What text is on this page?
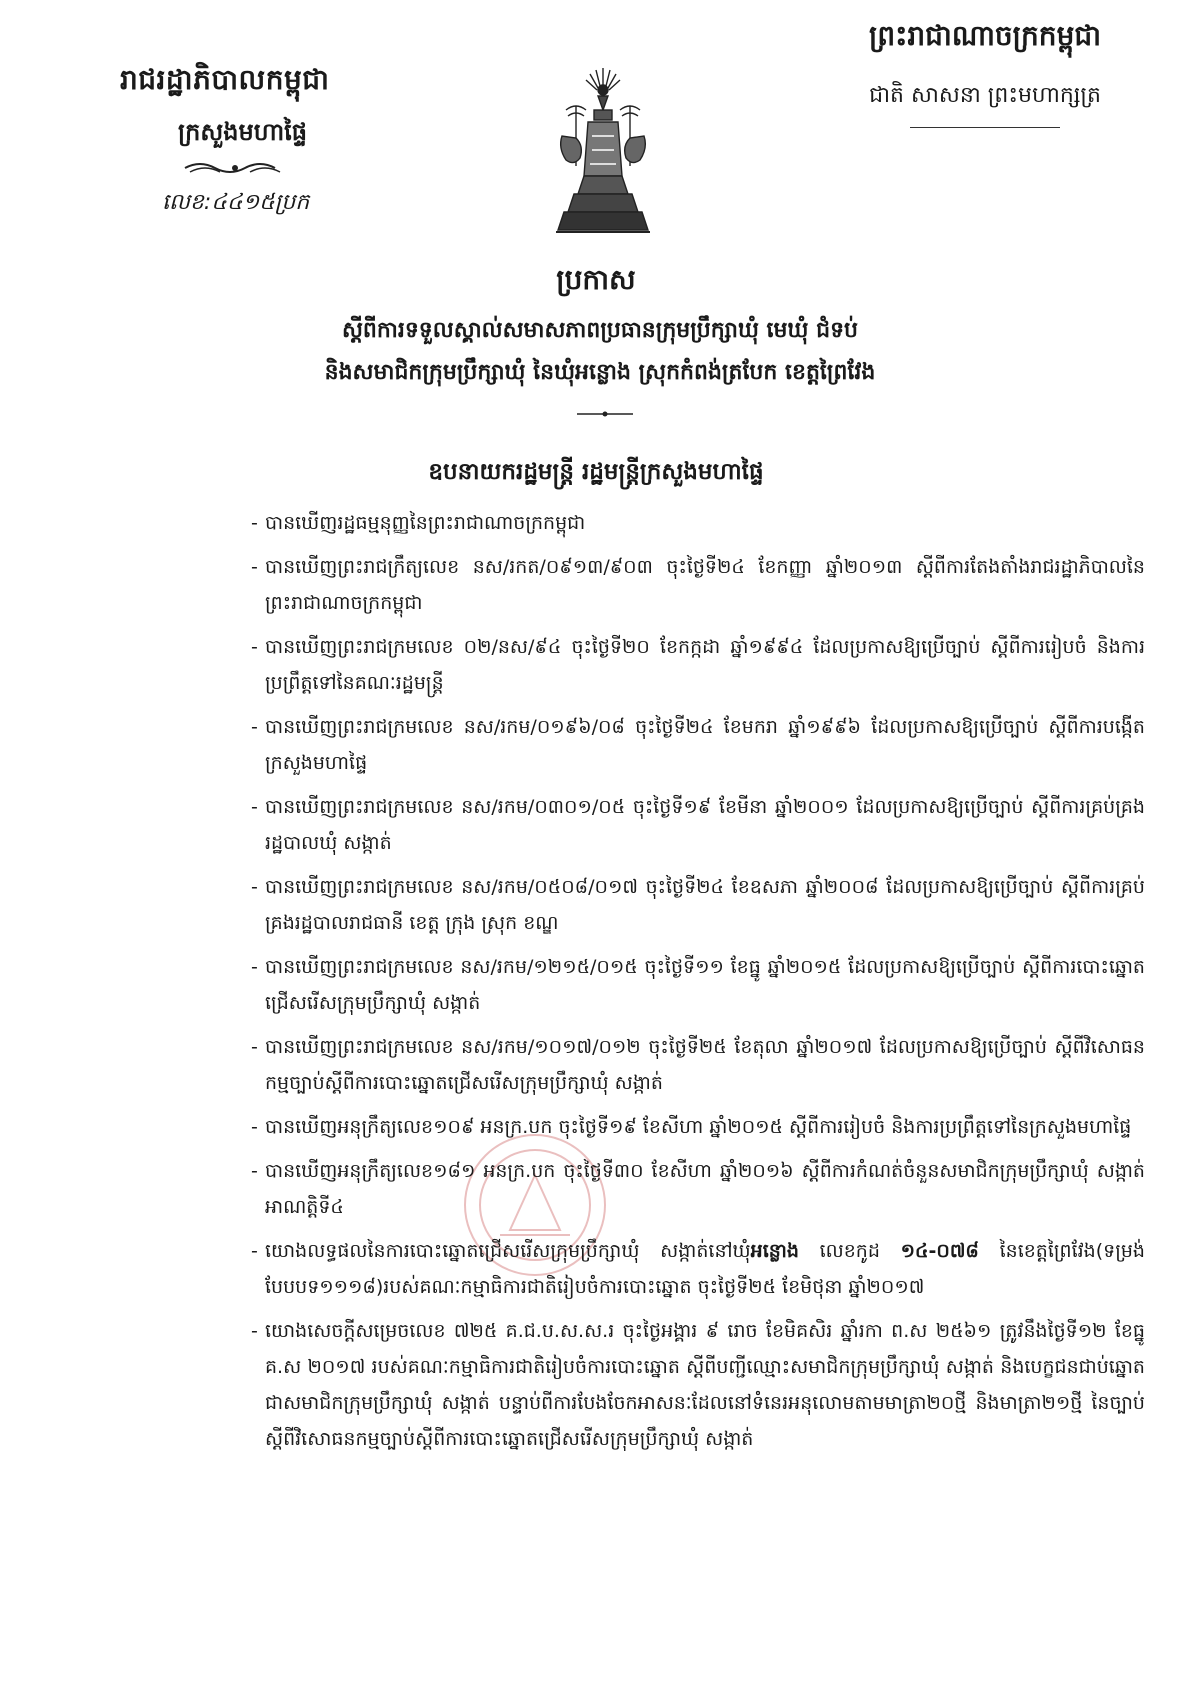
រាជរដ្ឋាភិបាលកម្ពុជា
ក្រសួងមហាផ្ទៃ
លេខ:៤៤១៥ប្រក
ព្រះរាជាណាចក្រកម្ពុជា
ជាតិ សាសនា ព្រះមហាក្សត្រ
ប្រកាស
ស្តីពីការទទួលស្គាល់សមាសភាពប្រធានក្រុមប្រឹក្សាឃុំ មេឃុំ ជំទប់
និងសមាជិកក្រុមប្រឹក្សាឃុំ នៃឃុំអន្លោង ស្រុកកំពង់ត្របែក ខេត្តព្រៃវែង
ឧបនាយករដ្ឋមន្ត្រី រដ្ឋមន្ត្រីក្រសួងមហាផ្ទៃ
- បានឃើញរដ្ឋធម្មនុញ្ញនៃព្រះរាជាណាចក្រកម្ពុជា
- បានឃើញព្រះរាជក្រឹត្យលេខ នស/រកត/០៩១៣/៩០៣ ចុះថ្ងៃទី២៤ ខែកញ្ញា ឆ្នាំ២០១៣ ស្តីពីការតែងតាំងរាជរដ្ឋាភិបាលនៃព្រះរាជាណាចក្រកម្ពុជា
- បានឃើញព្រះរាជក្រមលេខ ០២/នស/៩៤ ចុះថ្ងៃទី២០ ខែកក្កដា ឆ្នាំ១៩៩៤ ដែលប្រកាសឱ្យប្រើច្បាប់ ស្តីពីការរៀបចំ និងការប្រព្រឹត្តទៅនៃគណៈរដ្ឋមន្ត្រី
- បានឃើញព្រះរាជក្រមលេខ នស/រកម/០១៩៦/០៨ ចុះថ្ងៃទី២៤ ខែមករា ឆ្នាំ១៩៩៦ ដែលប្រកាសឱ្យប្រើច្បាប់ ស្តីពីការបង្កើតក្រសួងមហាផ្ទៃ
- បានឃើញព្រះរាជក្រមលេខ នស/រកម/០៣០១/០៥ ចុះថ្ងៃទី១៩ ខែមីនា ឆ្នាំ២០០១ ដែលប្រកាសឱ្យប្រើច្បាប់ ស្តីពីការគ្រប់គ្រងរដ្ឋបាលឃុំ សង្កាត់
- បានឃើញព្រះរាជក្រមលេខ នស/រកម/០៥០៨/០១៧ ចុះថ្ងៃទី២៤ ខែឧសភា ឆ្នាំ២០០៨ ដែលប្រកាសឱ្យប្រើច្បាប់ ស្តីពីការគ្រប់គ្រងរដ្ឋបាលរាជធានី ខេត្ត ក្រុង ស្រុក ខណ្ឌ
- បានឃើញព្រះរាជក្រមលេខ នស/រកម/១២១៥/០១៥ ចុះថ្ងៃទី១១ ខែធ្នូ ឆ្នាំ២០១៥ ដែលប្រកាសឱ្យប្រើច្បាប់ ស្តីពីការបោះឆ្នោតជ្រើសរើសក្រុមប្រឹក្សាឃុំ សង្កាត់
- បានឃើញព្រះរាជក្រមលេខ នស/រកម/១០១៧/០១២ ចុះថ្ងៃទី២៥ ខែតុលា ឆ្នាំ២០១៧ ដែលប្រកាសឱ្យប្រើច្បាប់ ស្តីពីវិសោធនកម្មច្បាប់ស្តីពីការបោះឆ្នោតជ្រើសរើសក្រុមប្រឹក្សាឃុំ សង្កាត់
- បានឃើញអនុក្រឹត្យលេខ១០៩ អនក្រ.បក ចុះថ្ងៃទី១៩ ខែសីហា ឆ្នាំ២០១៥ ស្តីពីការរៀបចំ និងការប្រព្រឹត្តទៅនៃក្រសួងមហាផ្ទៃ
- បានឃើញអនុក្រឹត្យលេខ១៨១ អនក្រ.បក ចុះថ្ងៃទី៣០ ខែសីហា ឆ្នាំ២០១៦ ស្តីពីការកំណត់ចំនួនសមាជិកក្រុមប្រឹក្សាឃុំ សង្កាត់អាណត្តិទី៤
- យោងលទ្ធផលនៃការបោះឆ្នោតជ្រើសរើសក្រុមប្រឹក្សាឃុំ សង្កាត់នៅឃុំអន្លោង លេខកូដ ១៤-០៧៨ នៃខេត្តព្រៃវែង(ទម្រង់បែបបទ១១១៨)របស់គណៈកម្មាធិការជាតិរៀបចំការបោះឆ្នោត ចុះថ្ងៃទី២៥ ខែមិថុនា ឆ្នាំ២០១៧
- យោងសេចក្តីសម្រេចលេខ ៧២៥ គ.ជ.ប.ស.ស.រ ចុះថ្ងៃអង្គារ ៩ រោច ខែមិគសិរ ឆ្នាំរកា ព.ស ២៥៦១ ត្រូវនឹងថ្ងៃទី១២ ខែធ្នូ គ.ស ២០១៧ របស់គណៈកម្មាធិការជាតិរៀបចំការបោះឆ្នោត ស្តីពីបញ្ជីឈ្មោះសមាជិកក្រុមប្រឹក្សាឃុំ សង្កាត់ និងបេក្ខជនជាប់ឆ្នោតជាសមាជិកក្រុមប្រឹក្សាឃុំ សង្កាត់ បន្ទាប់ពីការបែងចែកអាសនៈដែលនៅទំនេរអនុលោមតាមមាត្រា២០ថ្មី និងមាត្រា២១ថ្មី នៃច្បាប់ ស្តីពីវិសោធនកម្មច្បាប់ស្តីពីការបោះឆ្នោតជ្រើសរើសក្រុមប្រឹក្សាឃុំ សង្កាត់
